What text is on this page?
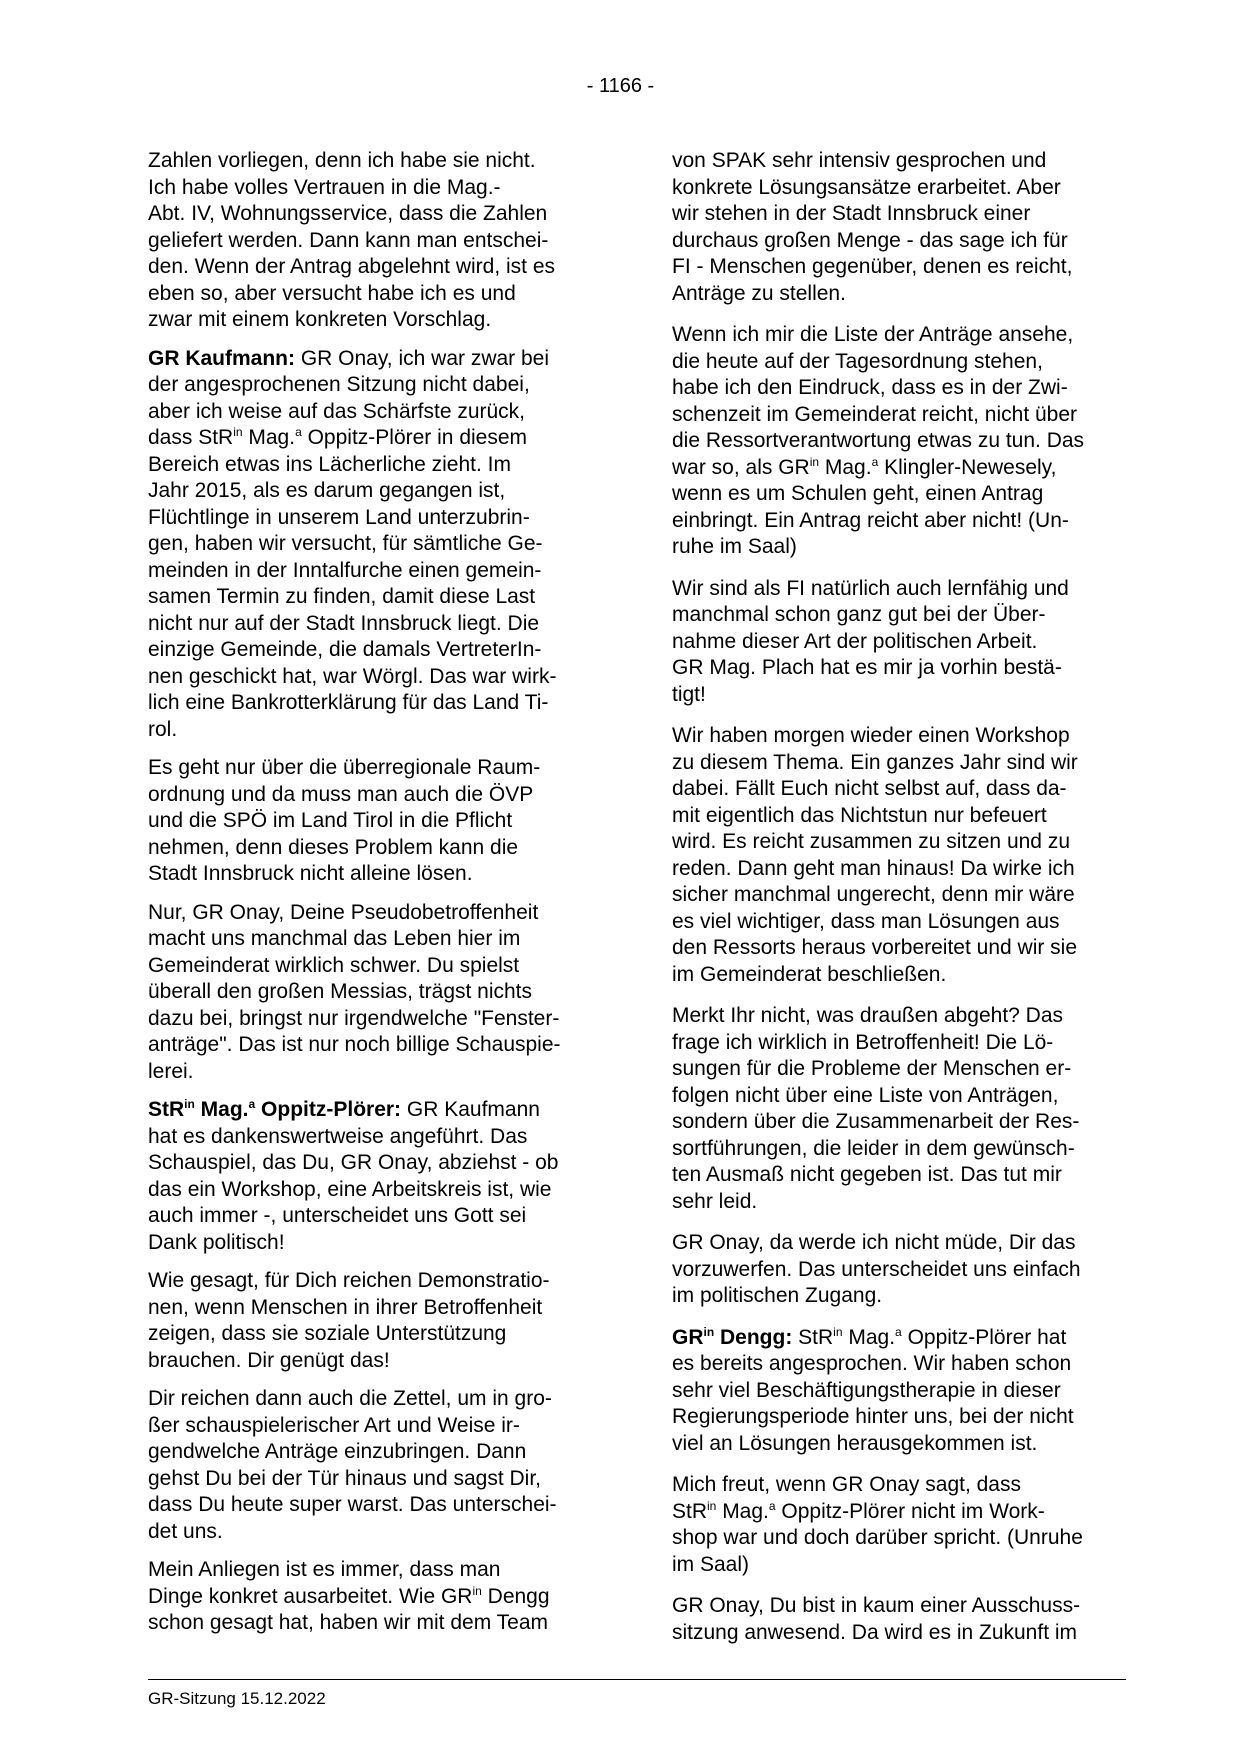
- 1166 -

Zahlen vorliegen, denn ich habe sie nicht.
Ich habe volles Vertrauen in die Mag.-
Abt. IV, Wohnungsservice, dass die Zahlen
geliefert werden. Dann kann man entschei-
den. Wenn der Antrag abgelehnt wird, ist es
eben so, aber versucht habe ich es und
zwar mit einem konkreten Vorschlag.

GR Kaufmann: GR Onay, ich war zwar bei
der angesprochenen Sitzung nicht dabei,
aber ich weise auf das Schärfste zurück,
dass StR$^{in}$ Mag.$^a$ Oppitz-Plörer in diesem
Bereich etwas ins Lächerliche zieht. Im
Jahr 2015, als es darum gegangen ist,
Flüchtlinge in unserem Land unterzubrin-
gen, haben wir versucht, für sämtliche Ge-
meinden in der Inntalfurche einen gemein-
samen Termin zu finden, damit diese Last
nicht nur auf der Stadt Innsbruck liegt. Die
einzige Gemeinde, die damals VertreterIn-
nen geschickt hat, war Wörgl. Das war wirk-
lich eine Bankrotterklärung für das Land Ti-
rol.

Es geht nur über die überregionale Raum-
ordnung und da muss man auch die ÖVP
und die SPÖ im Land Tirol in die Pflicht
nehmen, denn dieses Problem kann die
Stadt Innsbruck nicht alleine lösen.

Nur, GR Onay, Deine Pseudobetroffenheit
macht uns manchmal das Leben hier im
Gemeinderat wirklich schwer. Du spielst
überall den großen Messias, trägst nichts
dazu bei, bringst nur irgendwelche "Fenster-
anträge". Das ist nur noch billige Schauspie-
lerei.

StR$^{in}$ Mag.$^a$ Oppitz-Plörer: GR Kaufmann
hat es dankenswertweise angeführt. Das
Schauspiel, das Du, GR Onay, abziehst - ob
das ein Workshop, eine Arbeitskreis ist, wie
auch immer -, unterscheidet uns Gott sei
Dank politisch!

Wie gesagt, für Dich reichen Demonstratio-
nen, wenn Menschen in ihrer Betroffenheit
zeigen, dass sie soziale Unterstützung
brauchen. Dir genügt das!

Dir reichen dann auch die Zettel, um in gro-
ßer schauspielerischer Art und Weise ir-
gendwelche Anträge einzubringen. Dann
gehst Du bei der Tür hinaus und sagst Dir,
dass Du heute super warst. Das unterschei-
det uns.

Mein Anliegen ist es immer, dass man
Dinge konkret ausarbeitet. Wie $GR^{in}$ Dengg
schon gesagt hat, haben wir mit dem Team

von SPAK sehr intensiv gesprochen und
konkrete Lösungsansätze erarbeitet. Aber
wir stehen in der Stadt Innsbruck einer
durchaus großen Menge - das sage ich für
FI - Menschen gegenüber, denen es reicht,
Anträge zu stellen.

Wenn ich mir die Liste der Anträge ansehe,
die heute auf der Tagesordnung stehen,
habe ich den Eindruck, dass es in der Zwi-
schenzeit im Gemeinderat reicht, nicht über
die Ressortverantwortung etwas zu tun. Das
war so, als $GR^{in}$ Mag.$^a$ Klingler-Newesely,
wenn es um Schulen geht, einen Antrag
einbringt. Ein Antrag reicht aber nicht! (Un-
ruhe im Saal)

Wir sind als FI natürlich auch lernfähig und
manchmal schon ganz gut bei der Über-
nahme dieser Art der politischen Arbeit.
GR Mag. Plach hat es mir ja vorhin bestä-
tigt!

Wir haben morgen wieder einen Workshop
zu diesem Thema. Ein ganzes Jahr sind wir
dabei. Fällt Euch nicht selbst auf, dass da-
mit eigentlich das Nichtstun nur befeuert
wird. Es reicht zusammen zu sitzen und zu
reden. Dann geht man hinaus! Da wirke ich
sicher manchmal ungerecht, denn mir wäre
es viel wichtiger, dass man Lösungen aus
den Ressorts heraus vorbereitet und wir sie
im Gemeinderat beschließen.

Merkt Ihr nicht, was draußen abgeht? Das
frage ich wirklich in Betroffenheit! Die Lö-
sungen für die Probleme der Menschen er-
folgen nicht über eine Liste von Anträgen,
sondern über die Zusammenarbeit der Res-
sortführungen, die leider in dem gewünsch-
ten Ausmaß nicht gegeben ist. Das tut mir
sehr leid.

GR Onay, da werde ich nicht müde, Dir das
vorzuwerfen. Das unterscheidet uns einfach
im politischen Zugang.

$GR^{in}$ Dengg: StR$^{in}$ Mag.$^a$ Oppitz-Plörer hat
es bereits angesprochen. Wir haben schon
sehr viel Beschäftigungstherapie in dieser
Regierungsperiode hinter uns, bei der nicht
viel an Lösungen herausgekommen ist.

Mich freut, wenn GR Onay sagt, dass
StR$^{in}$ Mag.$^a$ Oppitz-Plörer nicht im Work-
shop war und doch darüber spricht. (Unruhe
im Saal)

GR Onay, Du bist in kaum einer Ausschuss-
sitzung anwesend. Da wird es in Zukunft im

GR-Sitzung 15.12.2022
